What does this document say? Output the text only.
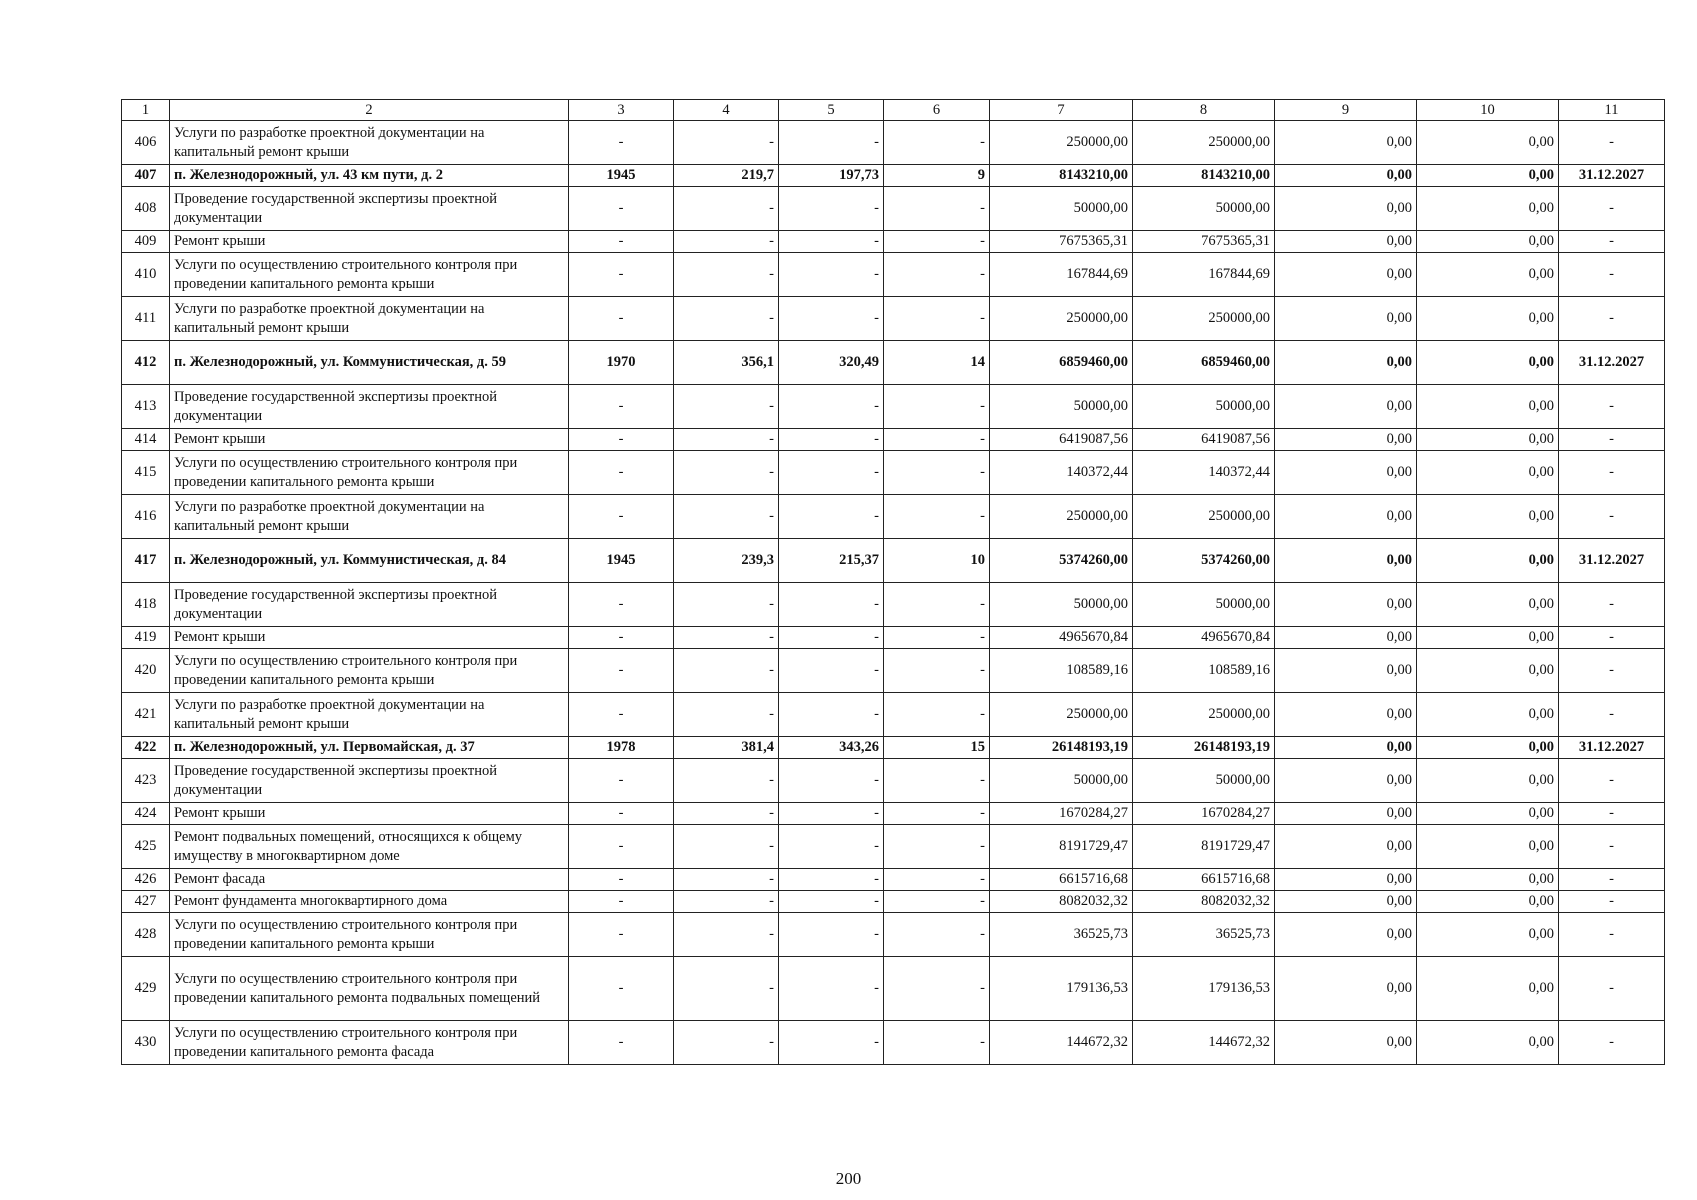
1	2	3	4	5	6	7	8	9	10	11
406	Услуги по разработке проектной документации на капитальный ремонт крыши	-	-	-	-	250000,00	250000,00	0,00	0,00	-
407	п. Железнодорожный, ул. 43 км пути, д. 2	1945	219,7	197,73	9	8143210,00	8143210,00	0,00	0,00	31.12.2027
408	Проведение государственной экспертизы проектной документации	-	-	-	-	50000,00	50000,00	0,00	0,00	-
409	Ремонт крыши	-	-	-	-	7675365,31	7675365,31	0,00	0,00	-
410	Услуги по осуществлению строительного контроля при проведении капитального ремонта крыши	-	-	-	-	167844,69	167844,69	0,00	0,00	-
411	Услуги по разработке проектной документации на капитальный ремонт крыши	-	-	-	-	250000,00	250000,00	0,00	0,00	-
412	п. Железнодорожный, ул. Коммунистическая, д. 59	1970	356,1	320,49	14	6859460,00	6859460,00	0,00	0,00	31.12.2027
413	Проведение государственной экспертизы проектной документации	-	-	-	-	50000,00	50000,00	0,00	0,00	-
414	Ремонт крыши	-	-	-	-	6419087,56	6419087,56	0,00	0,00	-
415	Услуги по осуществлению строительного контроля при проведении капитального ремонта крыши	-	-	-	-	140372,44	140372,44	0,00	0,00	-
416	Услуги по разработке проектной документации на капитальный ремонт крыши	-	-	-	-	250000,00	250000,00	0,00	0,00	-
417	п. Железнодорожный, ул. Коммунистическая, д. 84	1945	239,3	215,37	10	5374260,00	5374260,00	0,00	0,00	31.12.2027
418	Проведение государственной экспертизы проектной документации	-	-	-	-	50000,00	50000,00	0,00	0,00	-
419	Ремонт крыши	-	-	-	-	4965670,84	4965670,84	0,00	0,00	-
420	Услуги по осуществлению строительного контроля при проведении капитального ремонта крыши	-	-	-	-	108589,16	108589,16	0,00	0,00	-
421	Услуги по разработке проектной документации на капитальный ремонт крыши	-	-	-	-	250000,00	250000,00	0,00	0,00	-
422	п. Железнодорожный, ул. Первомайская, д. 37	1978	381,4	343,26	15	26148193,19	26148193,19	0,00	0,00	31.12.2027
423	Проведение государственной экспертизы проектной документации	-	-	-	-	50000,00	50000,00	0,00	0,00	-
424	Ремонт крыши	-	-	-	-	1670284,27	1670284,27	0,00	0,00	-
425	Ремонт подвальных помещений, относящихся к общему имуществу в многоквартирном доме	-	-	-	-	8191729,47	8191729,47	0,00	0,00	-
426	Ремонт фасада	-	-	-	-	6615716,68	6615716,68	0,00	0,00	-
427	Ремонт фундамента многоквартирного дома	-	-	-	-	8082032,32	8082032,32	0,00	0,00	-
428	Услуги по осуществлению строительного контроля при проведении капитального ремонта крыши	-	-	-	-	36525,73	36525,73	0,00	0,00	-
429	Услуги по осуществлению строительного контроля при проведении капитального ремонта подвальных помещений	-	-	-	-	179136,53	179136,53	0,00	0,00	-
430	Услуги по осуществлению строительного контроля при проведении капитального ремонта фасада	-	-	-	-	144672,32	144672,32	0,00	0,00	-
200
